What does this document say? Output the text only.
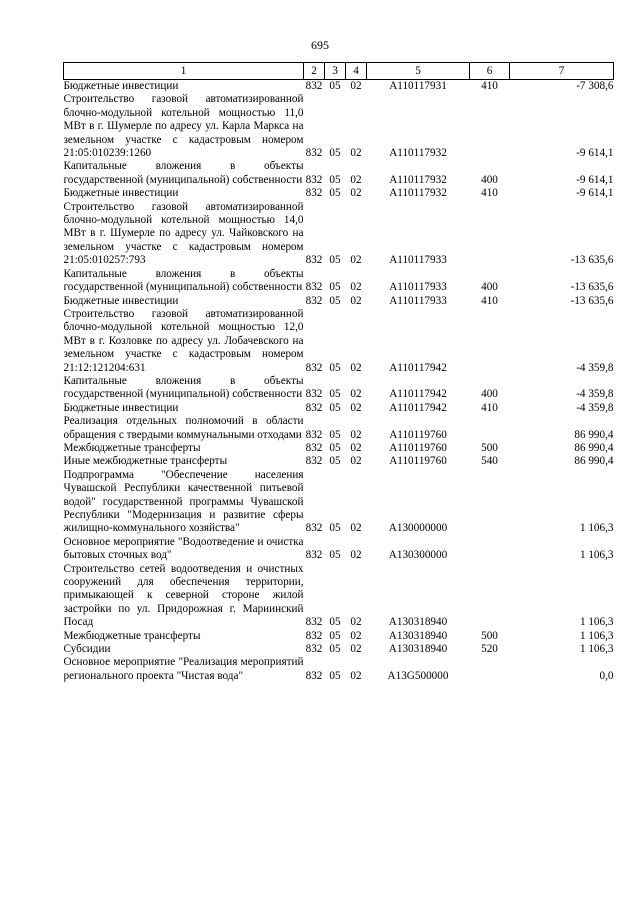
695
1	2	3	4	5	6	7
Бюджетные инвестиции	832	05	02	А110117931	410	-7 308,6
Строительство газовой автоматизированной блочно-модульной котельной мощностью 11,0 МВт в г. Шумерле по адресу ул. Карла Маркса на земельном участке с кадастровым номером 21:05:010239:1260	832	05	02	А110117932		-9 614,1
Капитальные вложения в объекты государственной (муниципальной) собственности	832	05	02	А110117932	400	-9 614,1
Бюджетные инвестиции	832	05	02	А110117932	410	-9 614,1
Строительство газовой автоматизированной блочно-модульной котельной мощностью 14,0 МВт в г. Шумерле по адресу ул. Чайковского на земельном участке с кадастровым номером 21:05:010257:793	832	05	02	А110117933		-13 635,6
Капитальные вложения в объекты государственной (муниципальной) собственности	832	05	02	А110117933	400	-13 635,6
Бюджетные инвестиции	832	05	02	А110117933	410	-13 635,6
Строительство газовой автоматизированной блочно-модульной котельной мощностью 12,0 МВт в г. Козловке по адресу ул. Лобачевского на земельном участке с кадастровым номером 21:12:121204:631	832	05	02	А110117942		-4 359,8
Капитальные вложения в объекты государственной (муниципальной) собственности	832	05	02	А110117942	400	-4 359,8
Бюджетные инвестиции	832	05	02	А110117942	410	-4 359,8
Реализация отдельных полномочий в области обращения с твердыми коммунальными отходами	832	05	02	А110119760		86 990,4
Межбюджетные трансферты	832	05	02	А110119760	500	86 990,4
Иные межбюджетные трансферты	832	05	02	А110119760	540	86 990,4
Подпрограмма "Обеспечение населения Чувашской Республики качественной питьевой водой" государственной программы Чувашской Республики "Модернизация и развитие сферы жилищно-коммунального хозяйства"	832	05	02	А130000000		1 106,3
Основное мероприятие "Водоотведение и очистка бытовых сточных вод"	832	05	02	А130300000		1 106,3
Строительство сетей водоотведения и очистных сооружений для обеспечения территории, примыкающей к северной стороне жилой застройки по ул. Придорожная г. Мариинский Посад	832	05	02	А130318940		1 106,3
Межбюджетные трансферты	832	05	02	А130318940	500	1 106,3
Субсидии	832	05	02	А130318940	520	1 106,3
Основное мероприятие "Реализация мероприятий регионального проекта "Чистая вода"	832	05	02	А13G500000		0,0
